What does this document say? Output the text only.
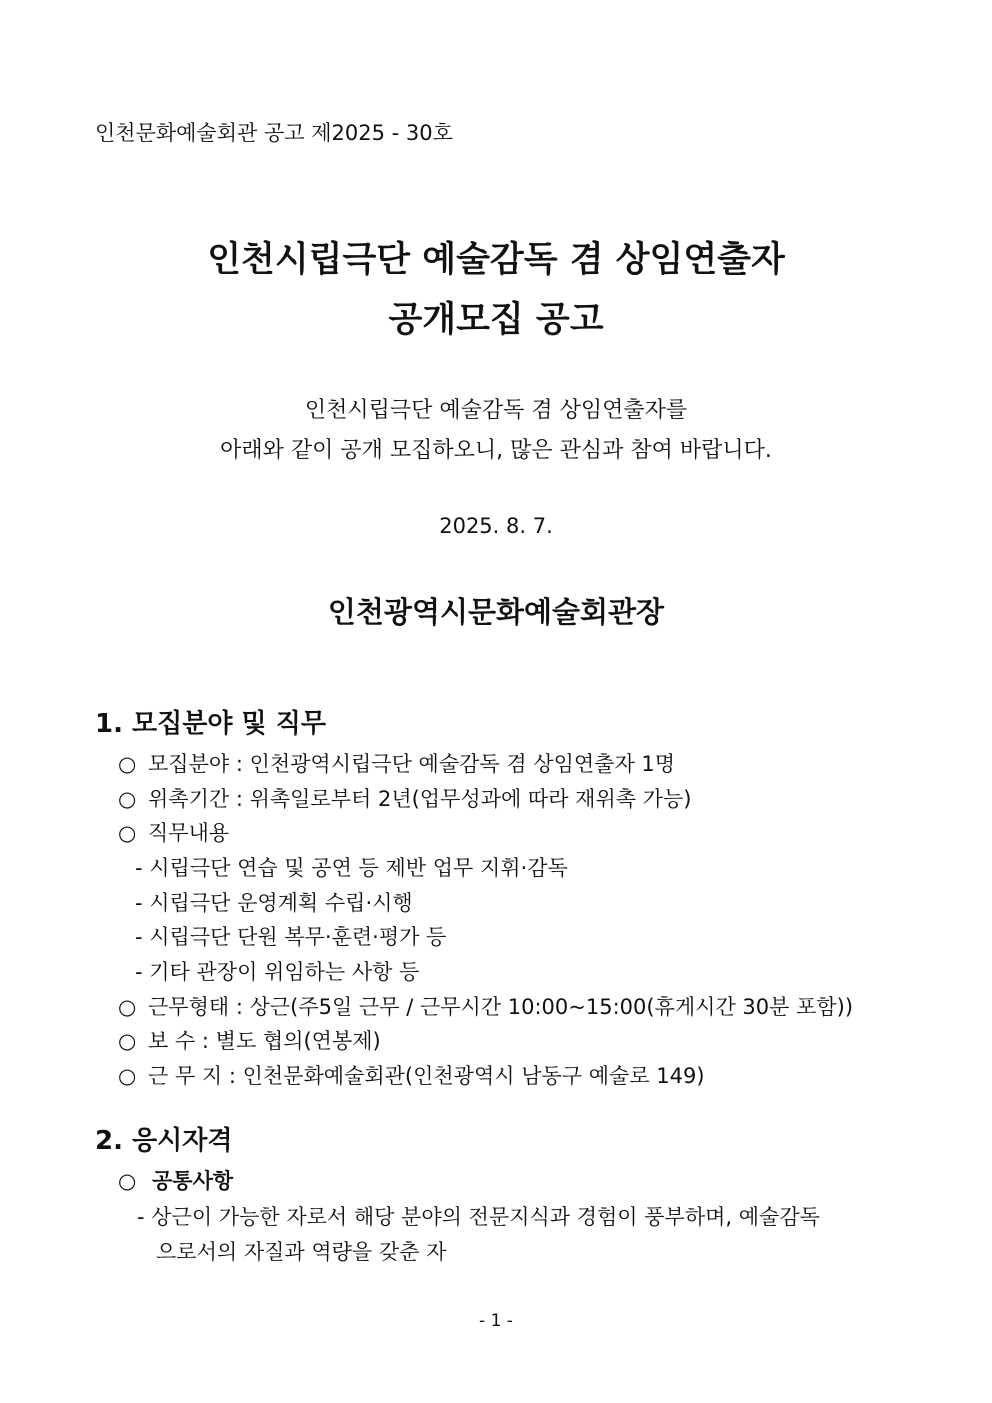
인천문화예술회관 공고 제2025 - 30호
인천시립극단 예술감독 겸 상임연출자
공개모집 공고
인천시립극단 예술감독 겸 상임연출자를
아래와 같이 공개 모집하오니, 많은 관심과 참여 바랍니다.
2025. 8. 7.
인천광역시문화예술회관장
1. 모집분야 및 직무
○ 모집분야 : 인천광역시립극단 예술감독 겸 상임연출자 1명
○ 위촉기간 : 위촉일로부터 2년(업무성과에 따라 재위촉 가능)
○ 직무내용
- 시립극단 연습 및 공연 등 제반 업무 지휘·감독
- 시립극단 운영계획 수립·시행
- 시립극단 단원 복무·훈련·평가 등
- 기타 관장이 위임하는 사항 등
○ 근무형태 : 상근(주5일 근무 / 근무시간 10:00~15:00(휴게시간 30분 포함))
○ 보 수 : 별도 협의(연봉제)
○ 근 무 지 : 인천문화예술회관(인천광역시 남동구 예술로 149)
2. 응시자격
○ 공통사항
- 상근이 가능한 자로서 해당 분야의 전문지식과 경험이 풍부하며, 예술감독
으로서의 자질과 역량을 갖춘 자
- 1 -
